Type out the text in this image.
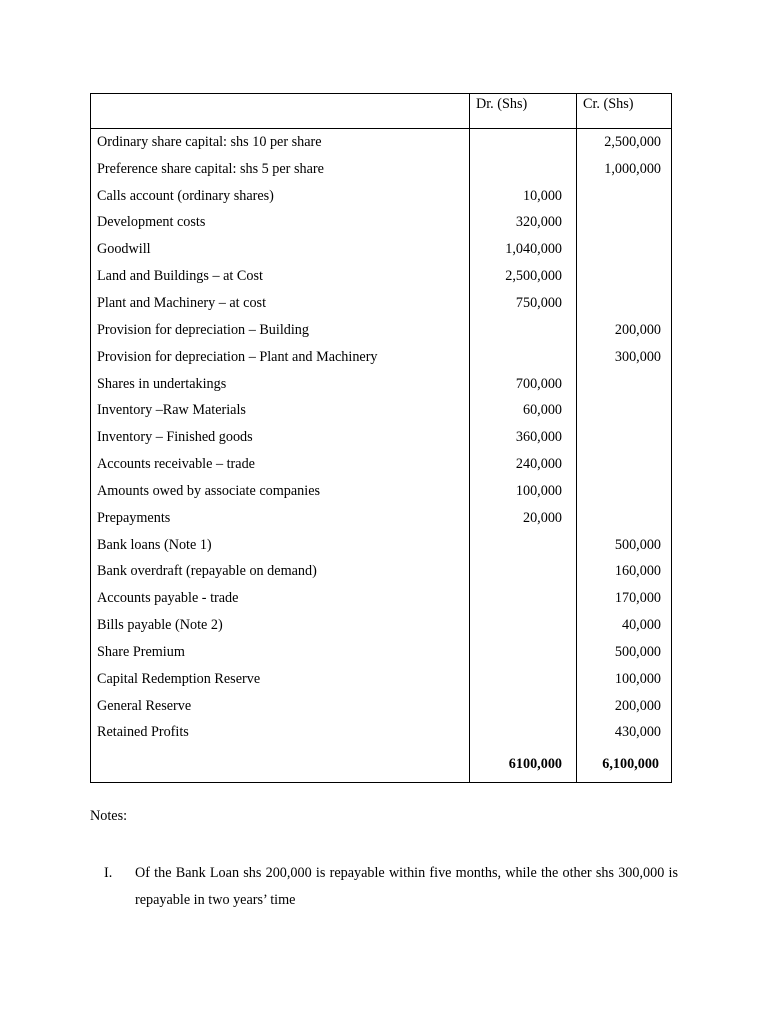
	Dr. (Shs)	Cr. (Shs)
Ordinary share capital: shs 10 per share		2,500,000
Preference share capital: shs 5 per share		1,000,000
Calls account (ordinary shares)	10,000	
Development costs	320,000	
Goodwill	1,040,000	
Land and Buildings – at Cost	2,500,000	
Plant and Machinery – at cost	750,000	
Provision for depreciation – Building		200,000
Provision for depreciation – Plant and Machinery		300,000
Shares in undertakings	700,000	
Inventory –Raw Materials	60,000	
Inventory – Finished goods	360,000	
Accounts receivable – trade	240,000	
Amounts owed by associate companies	100,000	
Prepayments	20,000	
Bank loans (Note 1)		500,000
Bank overdraft (repayable on demand)		160,000
Accounts payable - trade		170,000
Bills payable (Note 2)		40,000
Share Premium		500,000
Capital Redemption Reserve		100,000
General Reserve		200,000
Retained Profits		430,000
	6100,000	6,100,000
Notes:
I. Of the Bank Loan shs 200,000 is repayable within five months, while the other shs 300,000 is repayable in two years’ time
